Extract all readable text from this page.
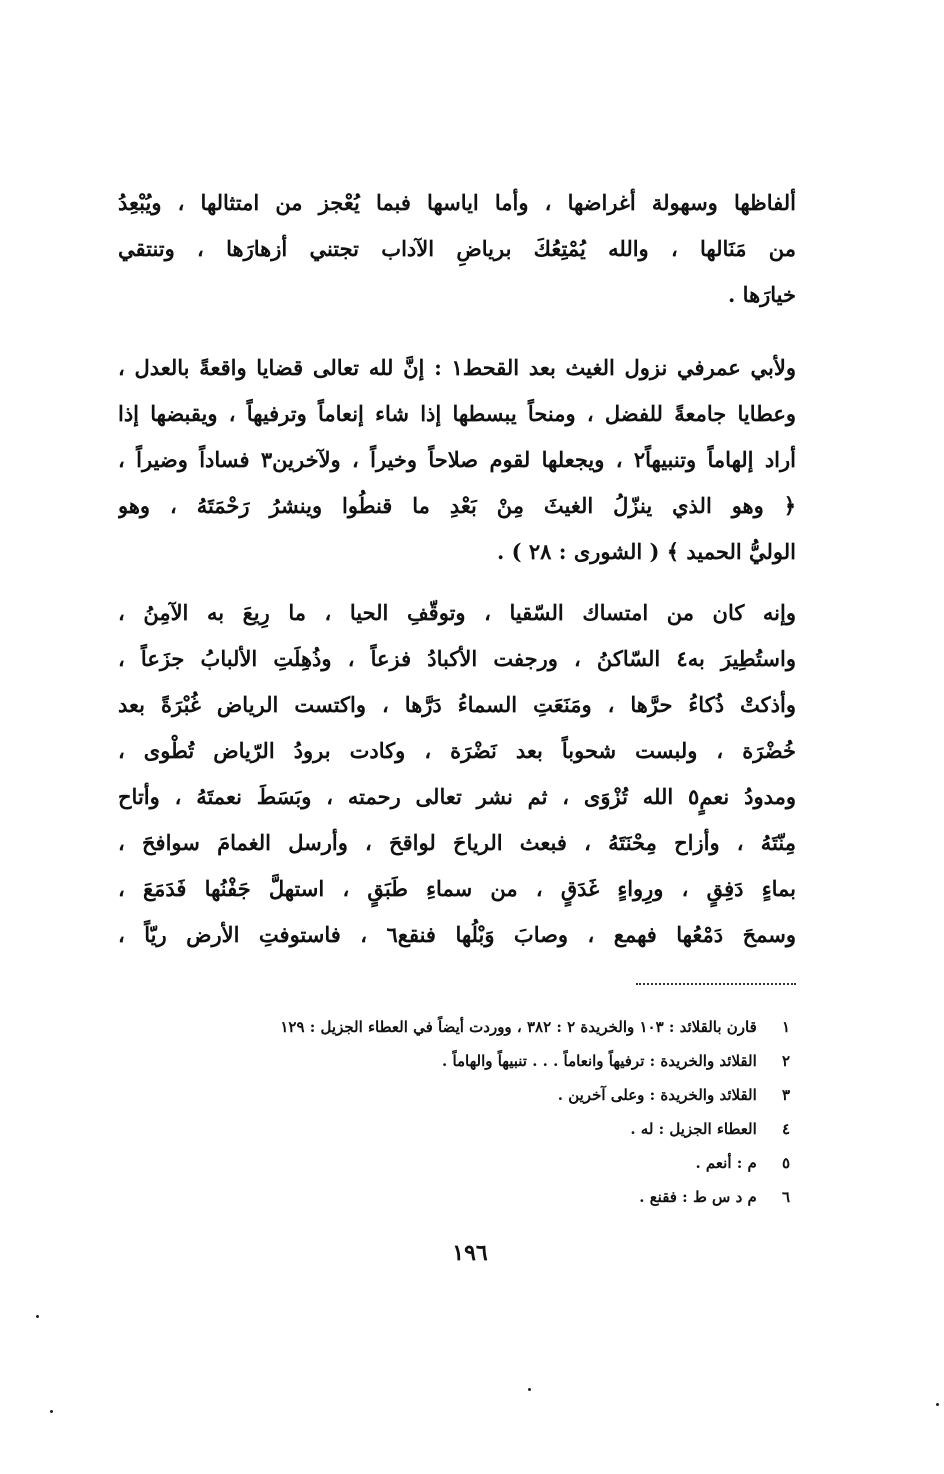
ألفاظها وسهولة أغراضها ، وأما اياسها فبما يُعْجز من امتثالها ، ويُبْعِدُ
من مَنَالها ، والله يُمْتِعُكَ برياضِ الآداب تجتني أزهارَها ، وتنتقي
خيارَها .
ولأبي عمرفي نزول الغيث بعد القحط١ : إنَّ لله تعالى قضايا واقعةً بالعدل ،
وعطايا جامعةً للفضل ، ومنحاً يبسطها إذا شاء إنعاماً وترفيهاً ، ويقبضها إذا
أراد إلهاماً وتنبيهاً٢ ، ويجعلها لقوم صلاحاً وخيراً ، ولآخرين٣ فساداً وضيراً ،
﴿ وهو الذي ينزّلُ الغيثَ مِنْ بَعْدِ ما قنطُوا وينشرُ رَحْمَتَهُ ، وهو
الوليُّ الحميد ﴾ ( الشورى : ٢٨ ) .
وإنه كان من امتساك السّقيا ، وتوقّفِ الحيا ، ما رِيعَ به الآمِنُ ،
واستُطِيرَ به٤ السّاكنُ ، ورجفت الأكبادُ فزعاً ، وذُهِلَتِ الألبابُ جزَعاً ،
وأذكتْ ذُكاءُ حرَّها ، ومَنَعَتِ السماءُ دَرَّها ، واكتست الرياض غُبْرَةً بعد
خُضْرَة ، ولبست شحوباً بعد نَضْرَة ، وكادت برودُ الرّياض تُطْوى ،
ومدودُ نعمٍ٥ الله تُزْوَى ، ثم نشر تعالى رحمته ، وبَسَطَ نعمتَهُ ، وأتاح
مِنّتَهُ ، وأزاح مِحْنَتَهُ ، فبعث الرياحَ لواقحَ ، وأرسل الغمامَ سوافحَ ،
بماءٍ دَفِقٍ ، ورِواءٍ غَدَقٍ ، من سماءِ طَبَقٍ ، استهلَّ جَفْنُها فَدَمَعَ ،
وسمحَ دَمْعُها فهمع ، وصابَ وَبْلُها فنقع٦ ، فاستوفتِ الأرض ريّاً ،
١ قارن بالقلائد : ١٠٣ والخريدة ٢ : ٣٨٢ ، ووردت أيضاً في العطاء الجزيل : ١٢٩
٢ القلائد والخريدة : ترفيهاً وانعاماً . . . تنبيهاً والهاماً .
٣ القلائد والخريدة : وعلى آخرين .
٤ العطاء الجزيل : له .
٥ م : أنعم .
٦ م د س ط : فقنع .
١٩٦
